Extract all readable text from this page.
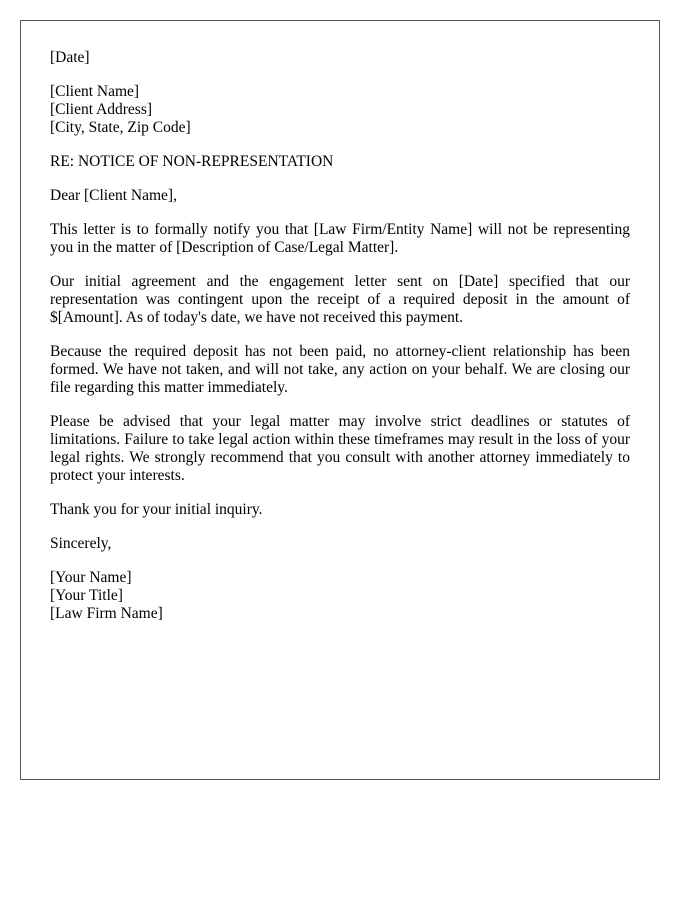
[Date]
[Client Name]
[Client Address]
[City, State, Zip Code]
RE: NOTICE OF NON-REPRESENTATION
Dear [Client Name],

This letter is to formally notify you that [Law Firm/Entity Name] will not be representing you in the matter of [Description of Case/Legal Matter].

Our initial agreement and the engagement letter sent on [Date] specified that our representation was contingent upon the receipt of a required deposit in the amount of $[Amount]. As of today's date, we have not received this payment.

Because the required deposit has not been paid, no attorney-client relationship has been formed. We have not taken, and will not take, any action on your behalf. We are closing our file regarding this matter immediately.

Please be advised that your legal matter may involve strict deadlines or statutes of limitations. Failure to take legal action within these timeframes may result in the loss of your legal rights. We strongly recommend that you consult with another attorney immediately to protect your interests.

Thank you for your initial inquiry.

Sincerely,
[Your Name]
[Your Title]
[Law Firm Name]
